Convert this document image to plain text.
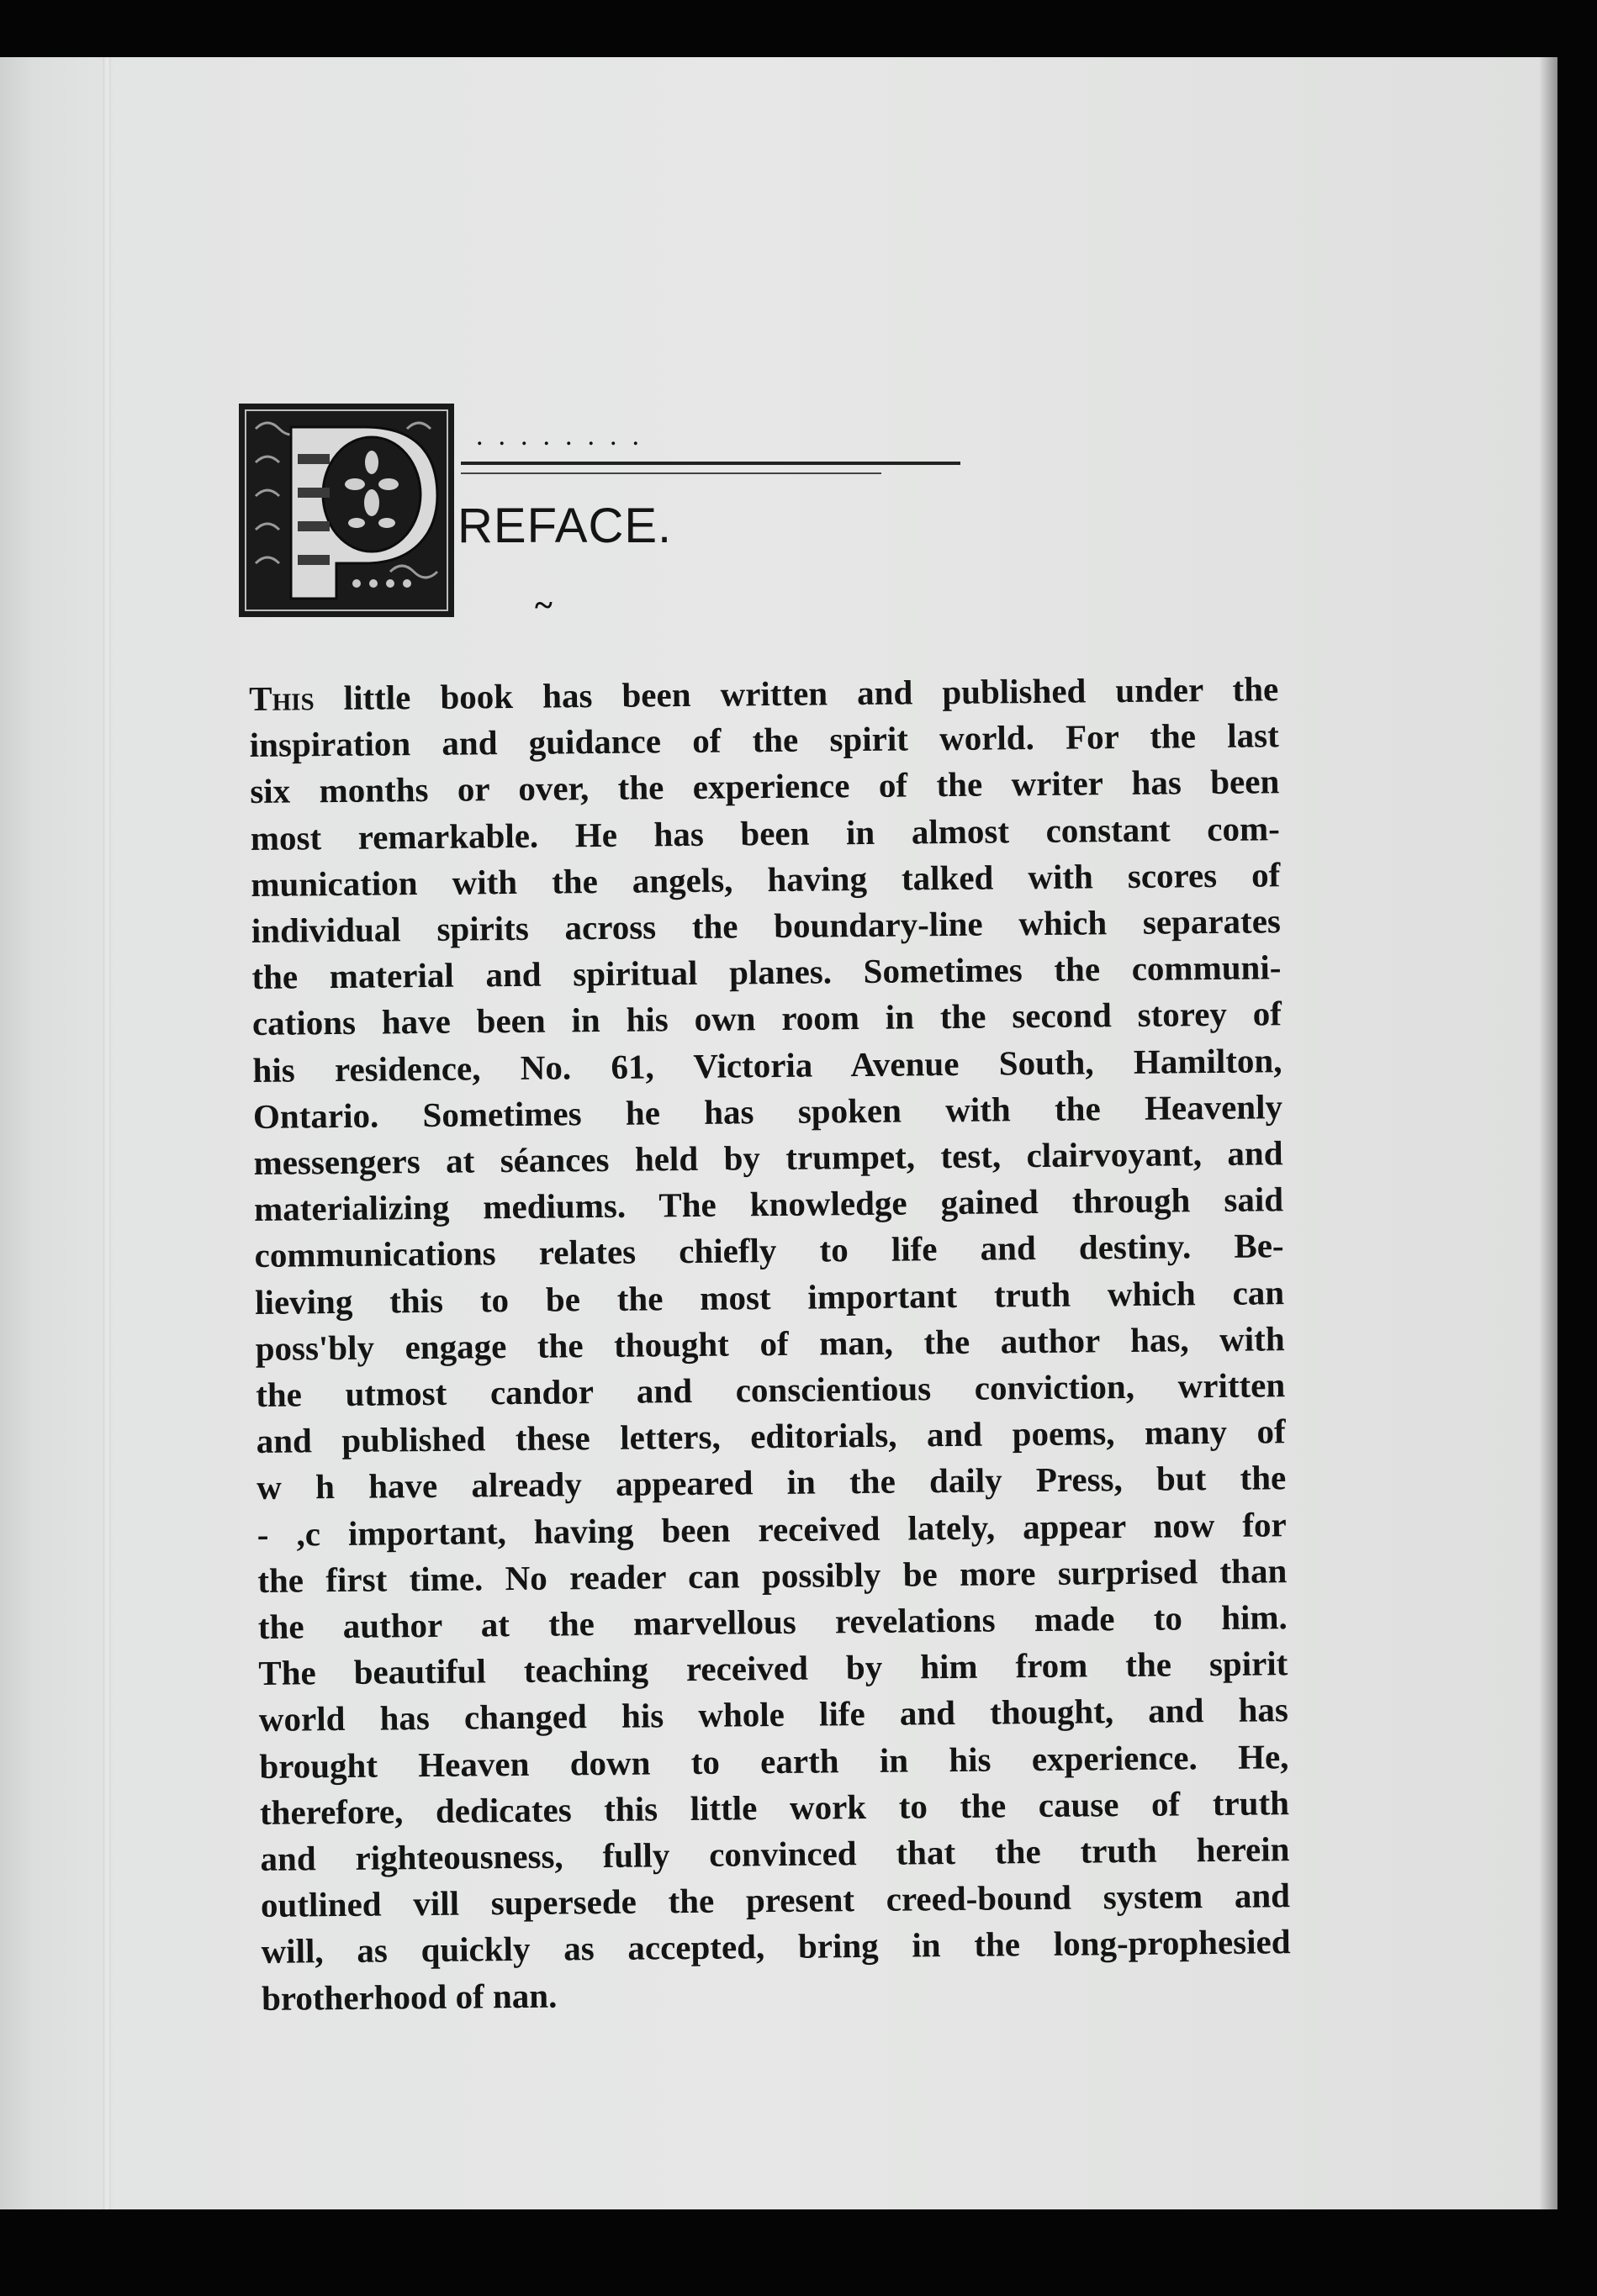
........
REFACE.
~
This little book has been written and published under the
inspiration and guidance of the spirit world. For the last
six months or over, the experience of the writer has been
most remarkable. He has been in almost constant com-
munication with the angels, having talked with scores of
individual spirits across the boundary-line which separates
the material and spiritual planes. Sometimes the communi-
cations have been in his own room in the second storey of
his residence, No. 61, Victoria Avenue South, Hamilton,
Ontario. Sometimes he has spoken with the Heavenly
messengers at séances held by trumpet, test, clairvoyant, and
materializing mediums. The knowledge gained through said
communications relates chiefly to life and destiny. Be-
lieving this to be the most important truth which can
poss'bly engage the thought of man, the author has, with
the utmost candor and conscientious conviction, written
and published these letters, editorials, and poems, many of
w h have already appeared in the daily Press, but the
- ,c important, having been received lately, appear now for
the first time. No reader can possibly be more surprised than
the author at the marvellous revelations made to him.
The beautiful teaching received by him from the spirit
world has changed his whole life and thought, and has
brought Heaven down to earth in his experience. He,
therefore, dedicates this little work to the cause of truth
and righteousness, fully convinced that the truth herein
outlined vill supersede the present creed-bound system and
will, as quickly as accepted, bring in the long-prophesied
brotherhood of nan.
